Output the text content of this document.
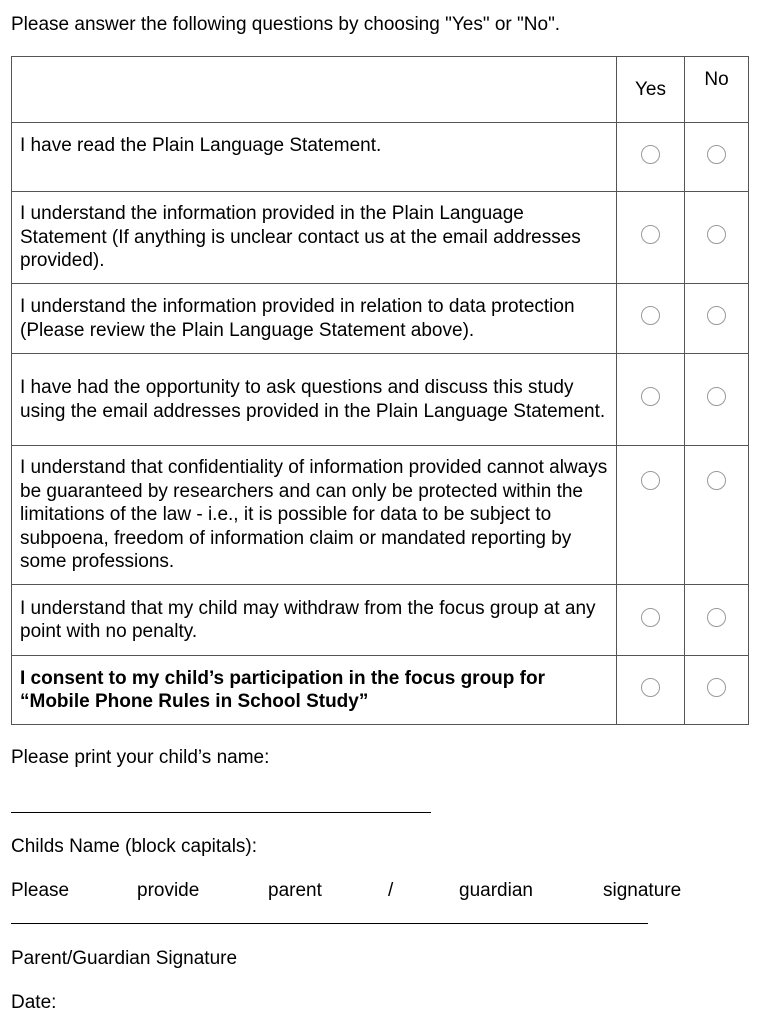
Please answer the following questions by choosing "Yes" or "No".

	Yes	No

I have read the Plain Language Statement.		
I understand the information provided in the Plain Language Statement (If anything is unclear contact us at the email addresses provided).		
I understand the information provided in relation to data protection (Please review the Plain Language Statement above).		
I have had the opportunity to ask questions and discuss this study using the email addresses provided in the Plain Language Statement.		
I understand that confidentiality of information provided cannot always be guaranteed by researchers and can only be protected within the limitations of the law - i.e., it is possible for data to be subject to subpoena, freedom of information claim or mandated reporting by some professions.		
I understand that my child may withdraw from the focus group at any point with no penalty.		
I consent to my child’s participation in the focus group for “Mobile Phone Rules in School Study”		
Please print your child’s name:
Childs Name (block capitals):
Please	provide	parent	/	guardian	signature
Parent/Guardian Signature
Date:
